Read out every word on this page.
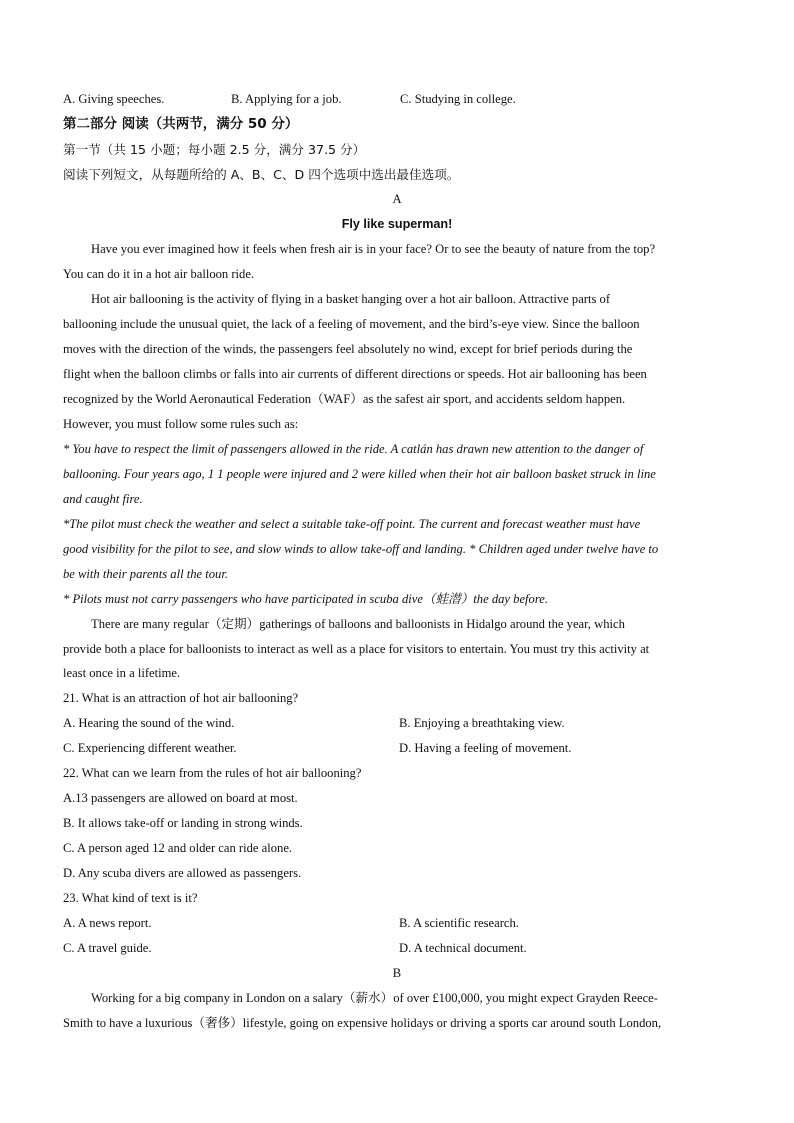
A. Giving speeches.	B. Applying for a job.	C. Studying in college.
第二部分 阅读（共两节，满分 50 分）
第一节（共 15 小题；每小题 2.5 分，满分 37.5 分）
阅读下列短文，从每题所给的 A、B、C、D 四个选项中选出最佳选项。
A
Fly like superman!
Have you ever imagined how it feels when fresh air is in your face? Or to see the beauty of nature from the top?
You can do it in a hot air balloon ride.
Hot air ballooning is the activity of flying in a basket hanging over a hot air balloon. Attractive parts of
ballooning include the unusual quiet, the lack of a feeling of movement, and the bird’s-eye view. Since the balloon
moves with the direction of the winds, the passengers feel absolutely no wind, except for brief periods during the
flight when the balloon climbs or falls into air currents of different directions or speeds. Hot air ballooning has been
recognized by the World Aeronautical Federation（WAF）as the safest air sport, and accidents seldom happen.
However, you must follow some rules such as:
* You have to respect the limit of passengers allowed in the ride. A catlán has drawn new attention to the danger of
ballooning. Four years ago, 1 1 people were injured and 2 were killed when their hot air balloon basket struck in line
and caught fire.
*The pilot must check the weather and select a suitable take-off point. The current and forecast weather must have
good visibility for the pilot to see, and slow winds to allow take-off and landing. * Children aged under twelve have to
be with their parents all the tour.
* Pilots must not carry passengers who have participated in scuba dive（蛙潜）the day before.
There are many regular（定期）gatherings of balloons and balloonists in Hidalgo around the year, which
provide both a place for balloonists to interact as well as a place for visitors to entertain. You must try this activity at
least once in a lifetime.
21. What is an attraction of hot air ballooning?
A. Hearing the sound of the wind.	B. Enjoying a breathtaking view.
C. Experiencing different weather.	D. Having a feeling of movement.
22. What can we learn from the rules of hot air ballooning?
A.13 passengers are allowed on board at most.
B. It allows take-off or landing in strong winds.
C. A person aged 12 and older can ride alone.
D. Any scuba divers are allowed as passengers.
23. What kind of text is it?
A. A news report.	B. A scientific research.
C. A travel guide.	D. A technical document.
B
Working for a big company in London on a salary（薪水）of over £100,000, you might expect Grayden Reece-
Smith to have a luxurious（奢侈）lifestyle, going on expensive holidays or driving a sports car around south London,
